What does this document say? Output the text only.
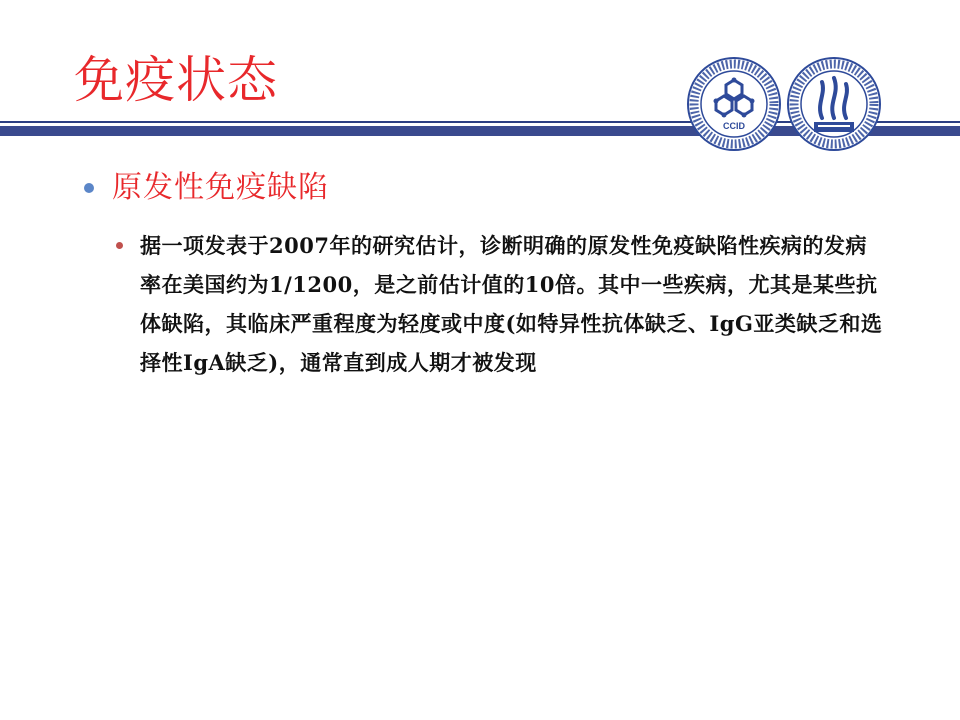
免疫状态
CCID
原发性免疫缺陷
据一项发表于2007年的研究估计，诊断明确的原发性免疫缺陷性疾病的发病率在美国约为1/1200，是之前估计值的10倍。其中一些疾病，尤其是某些抗体缺陷，其临床严重程度为轻度或中度(如特异性抗体缺乏、IgG亚类缺乏和选择性IgA缺乏)，通常直到成人期才被发现
